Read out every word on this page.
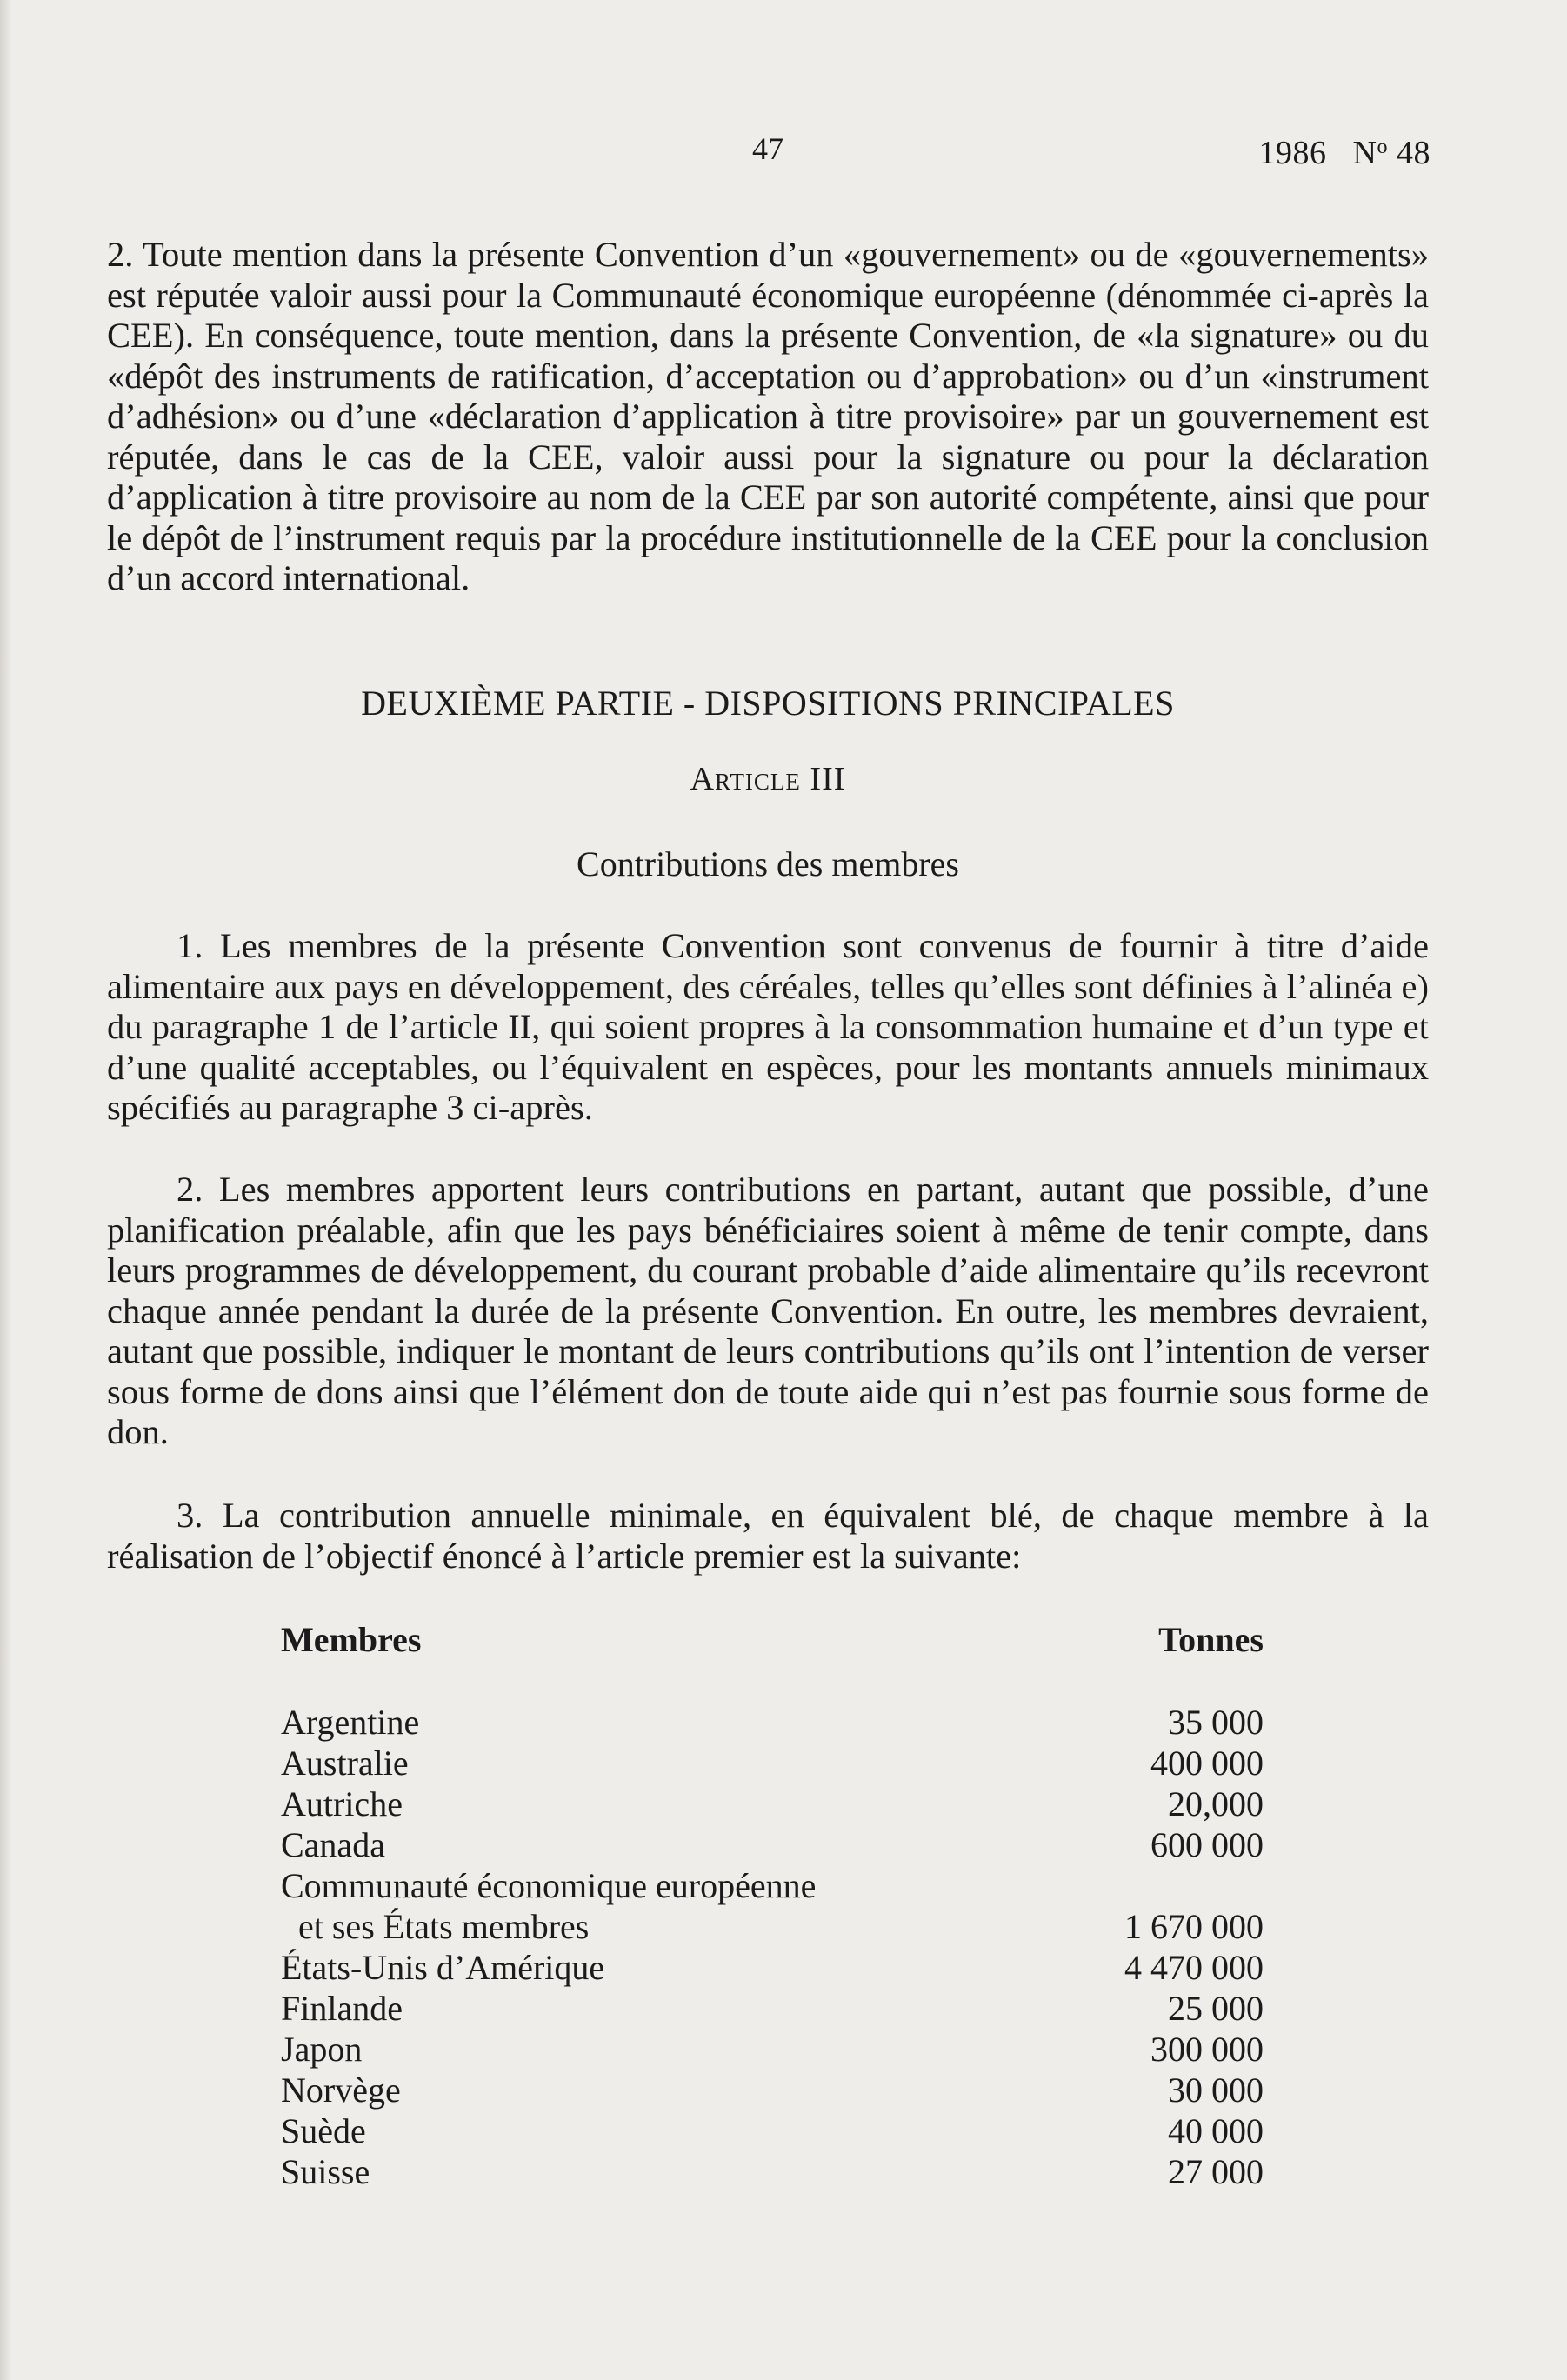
47	1986 $N^o$ 48

2. Toute mention dans la présente Convention d’un «gouvernement» ou de «gouvernements» est réputée valoir aussi pour la Communauté économique européenne (dénommée ci-après la CEE). En conséquence, toute mention, dans la présente Convention, de «la signature» ou du «dépôt des instruments de ratification, d’acceptation ou d’approbation» ou d’un «instrument d’adhésion» ou d’une «déclaration d’application à titre provisoire» par un gouvernement est réputée, dans le cas de la CEE, valoir aussi pour la signature ou pour la déclaration d’application à titre provisoire au nom de la CEE par son autorité compétente, ainsi que pour le dépôt de l’instrument requis par la procédure institutionnelle de la CEE pour la conclusion d’un accord international.

DEUXIÈME PARTIE - DISPOSITIONS PRINCIPALES
Article III
Contributions des membres

1. Les membres de la présente Convention sont convenus de fournir à titre d’aide alimentaire aux pays en développement, des céréales, telles qu’elles sont définies à l’alinéa e) du paragraphe 1 de l’article II, qui soient propres à la consommation humaine et d’un type et d’une qualité acceptables, ou l’équivalent en espèces, pour les montants annuels minimaux spécifiés au paragraphe 3 ci-après.

2. Les membres apportent leurs contributions en partant, autant que possible, d’une planification préalable, afin que les pays bénéficiaires soient à même de tenir compte, dans leurs programmes de développement, du courant probable d’aide alimentaire qu’ils recevront chaque année pendant la durée de la présente Convention. En outre, les membres devraient, autant que possible, indiquer le montant de leurs contributions qu’ils ont l’intention de verser sous forme de dons ainsi que l’élément don de toute aide qui n’est pas fournie sous forme de don.

3. La contribution annuelle minimale, en équivalent blé, de chaque membre à la réalisation de l’objectif énoncé à l’article premier est la suivante:

Membres	Tonnes
Argentine	35 000
Australie	400 000
Autriche	20,000
Canada	600 000
Communauté économique européenne
et ses États membres	1 670 000
États-Unis d’Amérique	4 470 000
Finlande	25 000
Japon	300 000
Norvège	30 000
Suède	40 000
Suisse	27 000
